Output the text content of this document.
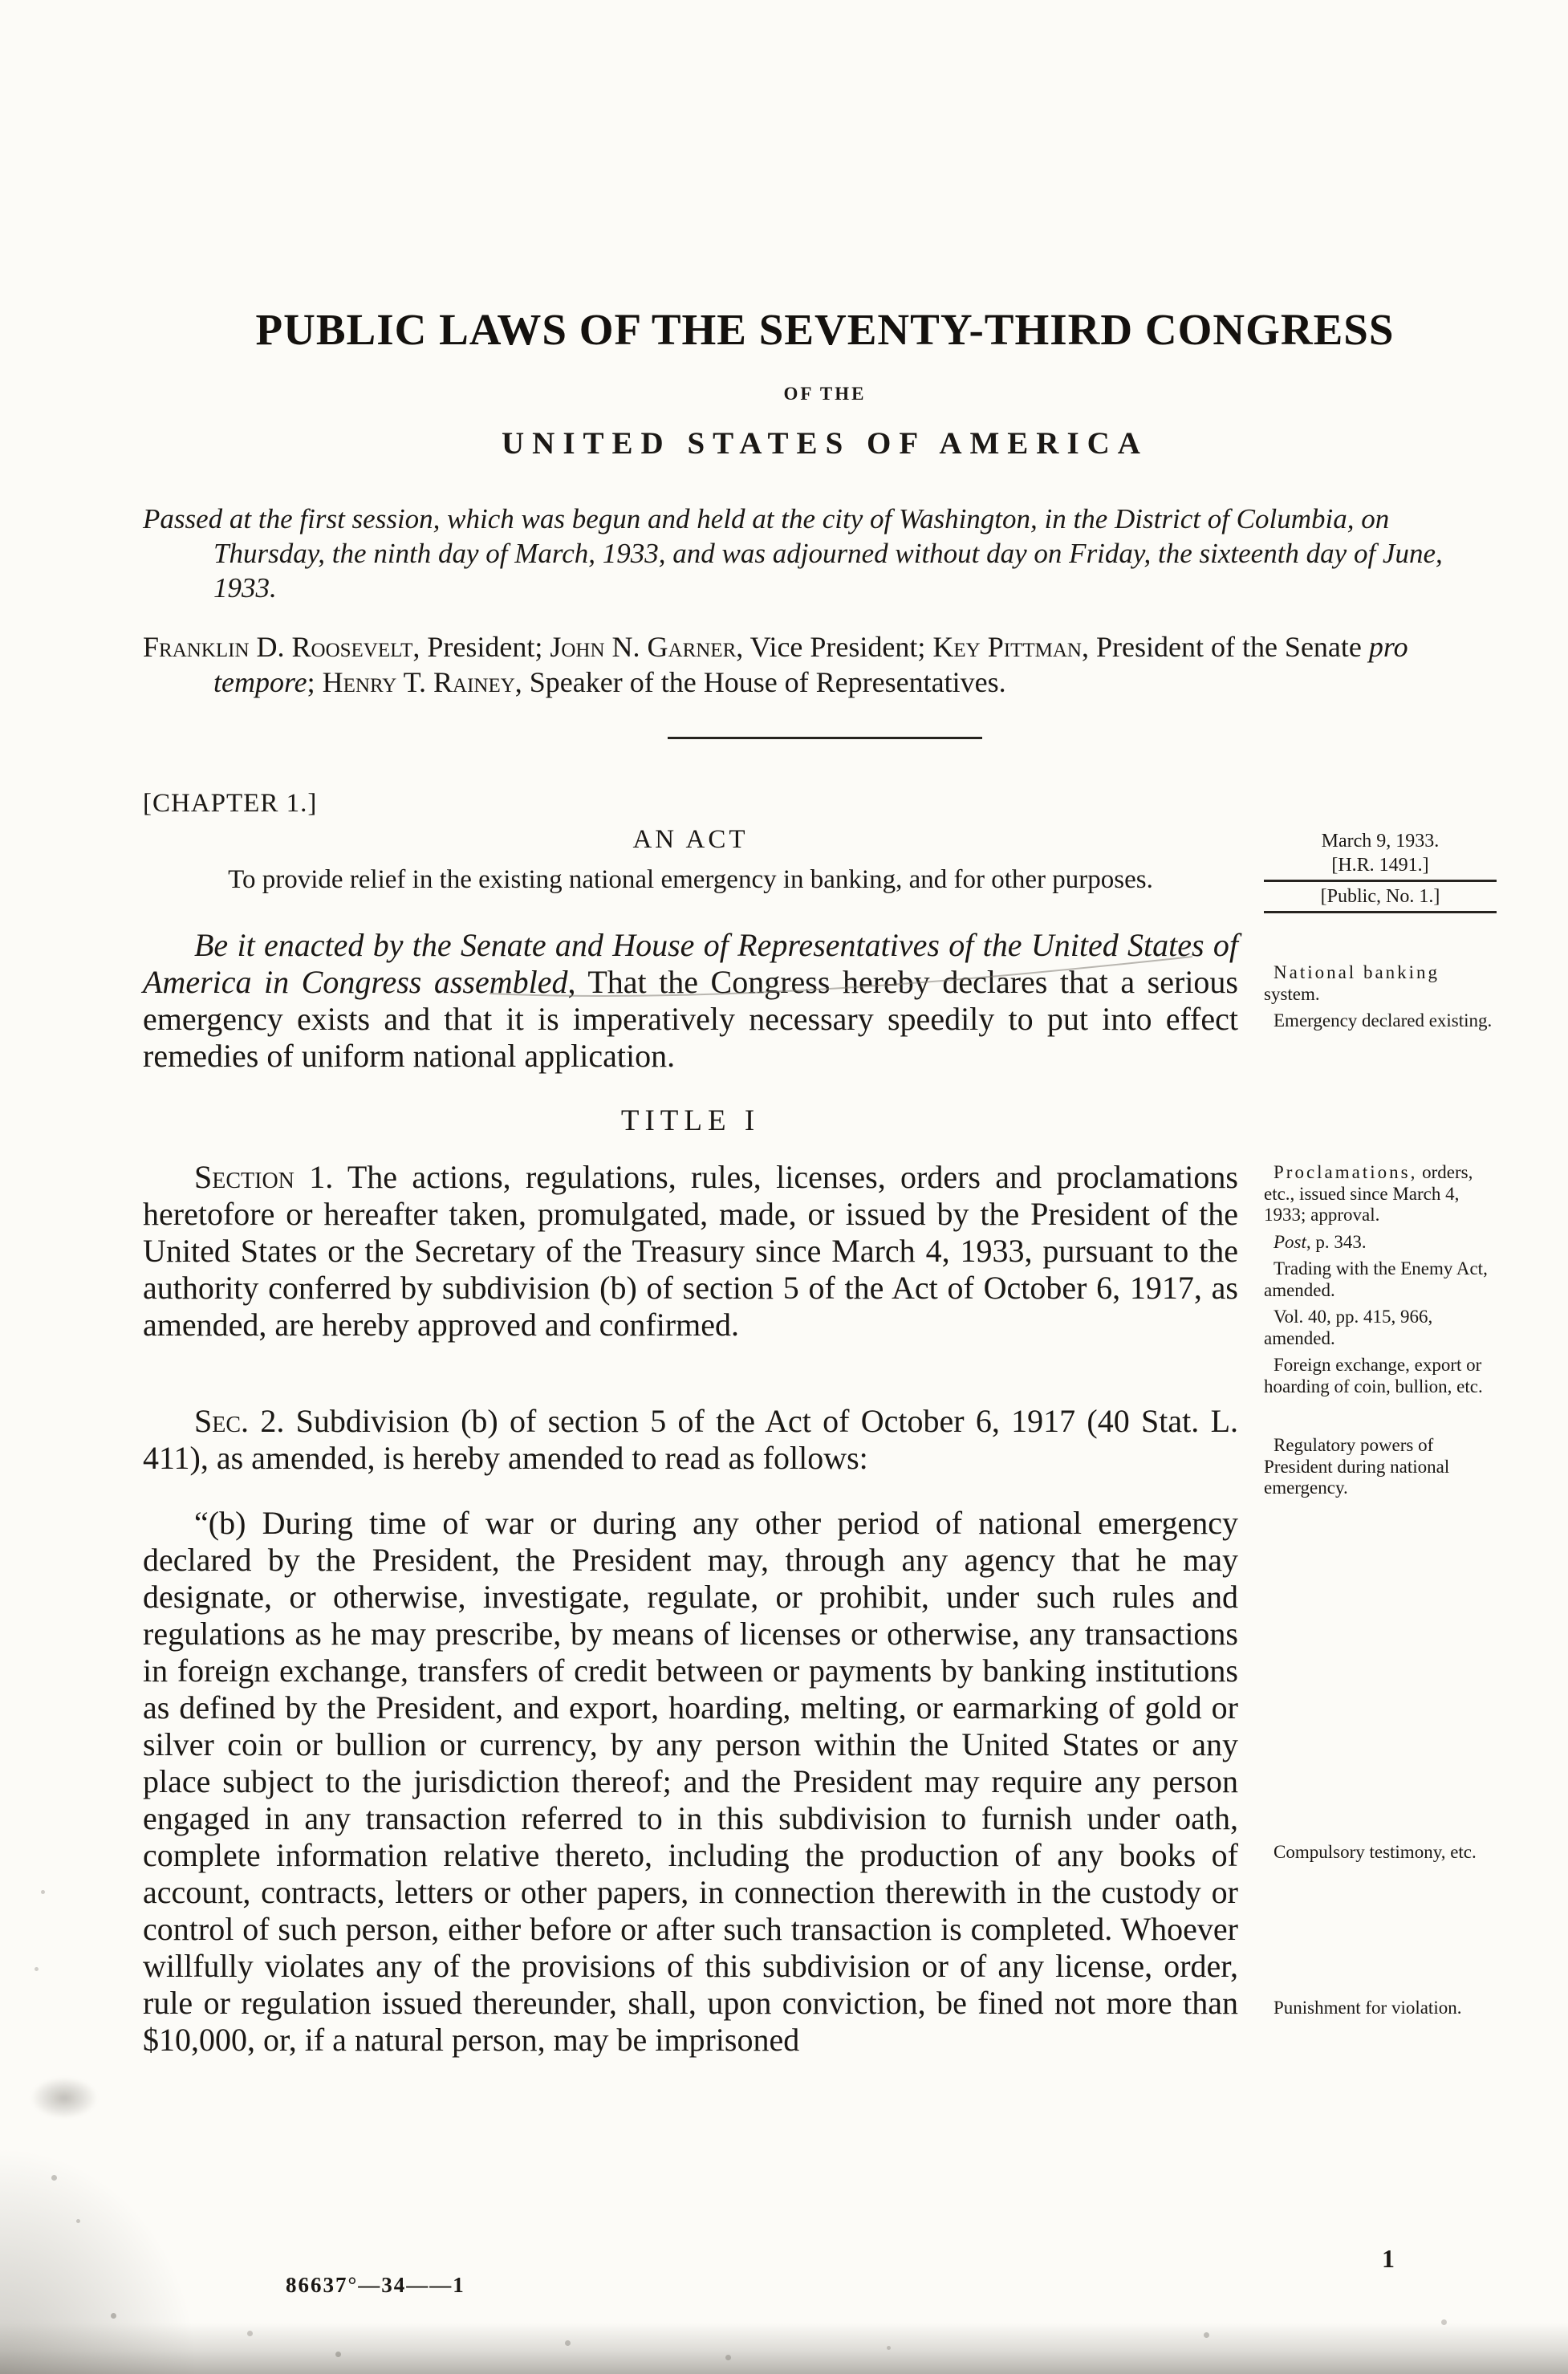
PUBLIC LAWS OF THE SEVENTY-THIRD CONGRESS
OF THE
UNITED STATES OF AMERICA

Passed at the first session, which was begun and held at the city of Washington, in the District of Columbia, on Thursday, the ninth day of March, 1933, and was adjourned without day on Friday, the sixteenth day of June, 1933.

Franklin D. Roosevelt, President; John N. Garner, Vice President; Key Pittman, President of the Senate pro tempore; Henry T. Rainey, Speaker of the House of Representatives.

[CHAPTER 1.]
AN ACT

To provide relief in the existing national emergency in banking, and for other purposes.

March 9, 1933.
[H.R. 1491.]
[Public, No. 1.]

Be it enacted by the Senate and House of Representatives of the United States of America in Congress assembled, That the Congress hereby declares that a serious emergency exists and that it is imperatively necessary speedily to put into effect remedies of uniform national application.

National banking system.
Emergency declared existing.
TITLE I

Section 1. The actions, regulations, rules, licenses, orders and proclamations heretofore or hereafter taken, promulgated, made, or issued by the President of the United States or the Secretary of the Treasury since March 4, 1933, pursuant to the authority conferred by subdivision (b) of section 5 of the Act of October 6, 1917, as amended, are hereby approved and confirmed.

Proclamations, orders, etc., issued since March 4, 1933; approval.
Post, p. 343.
Trading with the Enemy Act, amended.
Vol. 40, pp. 415, 966, amended.
Foreign exchange, export or hoarding of coin, bullion, etc.

Sec. 2. Subdivision (b) of section 5 of the Act of October 6, 1917 (40 Stat. L. 411), as amended, is hereby amended to read as follows:	Regulatory powers of President during national emergency.

“(b) During time of war or during any other period of national emergency declared by the President, the President may, through any agency that he may designate, or otherwise, investigate, regulate, or prohibit, under such rules and regulations as he may prescribe, by means of licenses or otherwise, any transactions in foreign exchange, transfers of credit between or payments by banking institutions as defined by the President, and export, hoarding, melting, or earmarking of gold or silver coin or bullion or currency, by any person within the United States or any place subject to the jurisdiction thereof; and the President may require any person engaged in any transaction referred to in this subdivision to furnish under oath, complete information relative thereto, including the production of any books of account, contracts, letters or other papers, in connection therewith in the custody or control of such person, either before or after such transaction is completed. Whoever willfully violates any of the provisions of this subdivision or of any license, order, rule or regulation issued thereunder, shall, upon conviction, be fined not more than $10,000, or, if a natural person, may be imprisoned

Compulsory testimony, etc.
Punishment for violation.
86637°—34——1
1
